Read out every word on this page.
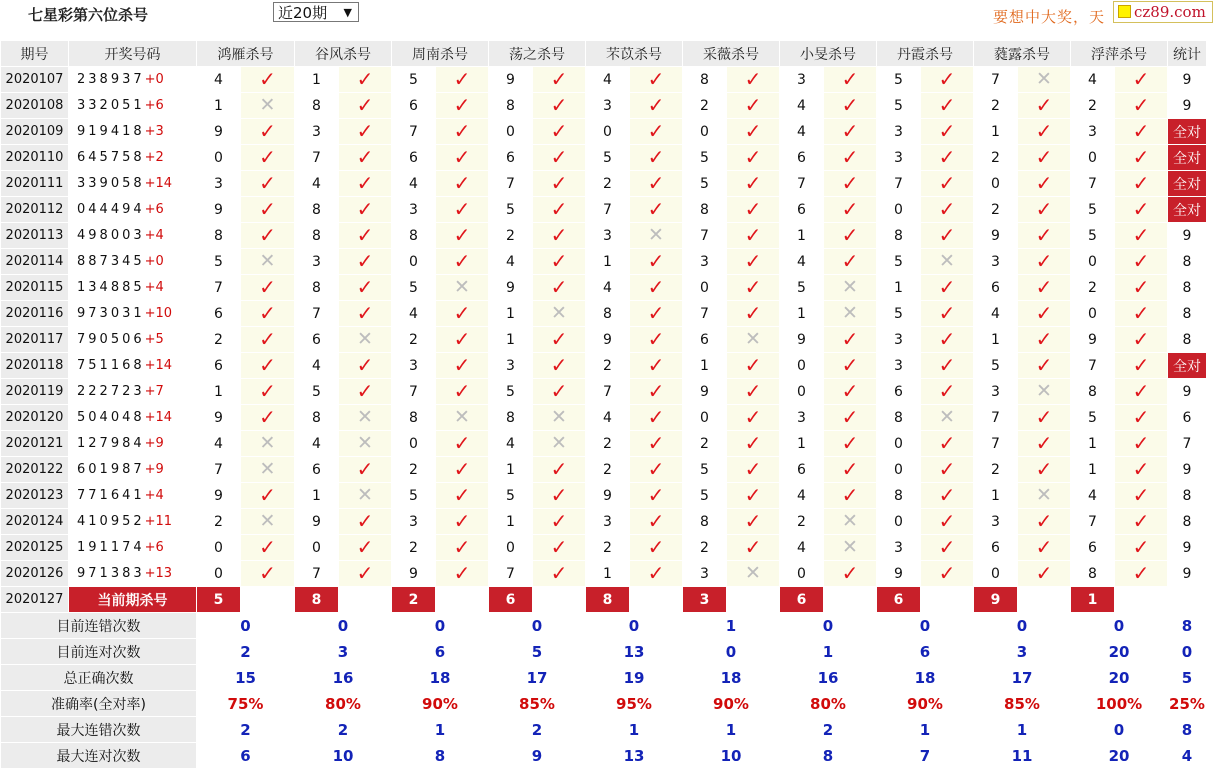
七星彩第六位杀号	近20期 ▼	要想中大奖，天	cz89.com
期号	开奖号码	鸿雁杀号		谷风杀号		周南杀号		荡之杀号		芣苡杀号		采薇杀号		小旻杀号		丹霞杀号		蕤露杀号		浮萍杀号		统计
2020107	238937+0	4	✓	1	✓	5	✓	9	✓	4	✓	8	✓	3	✓	5	✓	7	✕	4	✓	9
2020108	332051+6	1	✕	8	✓	6	✓	8	✓	3	✓	2	✓	4	✓	5	✓	2	✓	2	✓	9
2020109	919418+3	9	✓	3	✓	7	✓	0	✓	0	✓	0	✓	4	✓	3	✓	1	✓	3	✓	全对
2020110	645758+2	0	✓	7	✓	6	✓	6	✓	5	✓	5	✓	6	✓	3	✓	2	✓	0	✓	全对
2020111	339058+14	3	✓	4	✓	4	✓	7	✓	2	✓	5	✓	7	✓	7	✓	0	✓	7	✓	全对
2020112	044494+6	9	✓	8	✓	3	✓	5	✓	7	✓	8	✓	6	✓	0	✓	2	✓	5	✓	全对
2020113	498003+4	8	✓	8	✓	8	✓	2	✓	3	✕	7	✓	1	✓	8	✓	9	✓	5	✓	9
2020114	887345+0	5	✕	3	✓	0	✓	4	✓	1	✓	3	✓	4	✓	5	✕	3	✓	0	✓	8
2020115	134885+4	7	✓	8	✓	5	✕	9	✓	4	✓	0	✓	5	✕	1	✓	6	✓	2	✓	8
2020116	973031+10	6	✓	7	✓	4	✓	1	✕	8	✓	7	✓	1	✕	5	✓	4	✓	0	✓	8
2020117	790506+5	2	✓	6	✕	2	✓	1	✓	9	✓	6	✕	9	✓	3	✓	1	✓	9	✓	8
2020118	751168+14	6	✓	4	✓	3	✓	3	✓	2	✓	1	✓	0	✓	3	✓	5	✓	7	✓	全对
2020119	222723+7	1	✓	5	✓	7	✓	5	✓	7	✓	9	✓	0	✓	6	✓	3	✕	8	✓	9
2020120	504048+14	9	✓	8	✕	8	✕	8	✕	4	✓	0	✓	3	✓	8	✕	7	✓	5	✓	6
2020121	127984+9	4	✕	4	✕	0	✓	4	✕	2	✓	2	✓	1	✓	0	✓	7	✓	1	✓	7
2020122	601987+9	7	✕	6	✓	2	✓	1	✓	2	✓	5	✓	6	✓	0	✓	2	✓	1	✓	9
2020123	771641+4	9	✓	1	✕	5	✓	5	✓	9	✓	5	✓	4	✓	8	✓	1	✕	4	✓	8
2020124	410952+11	2	✕	9	✓	3	✓	1	✓	3	✓	8	✓	2	✕	0	✓	3	✓	7	✓	8
2020125	191174+6	0	✓	0	✓	2	✓	0	✓	2	✓	2	✓	4	✕	3	✓	6	✓	6	✓	9
2020126	971383+13	0	✓	7	✓	9	✓	7	✓	1	✓	3	✕	0	✓	9	✓	0	✓	8	✓	9
2020127	当前期杀号	5		8		2		6		8		3		6		6		9		1		
目前连错次数		0		0		0		0		0		1		0		0		0		0		8
目前连对次数		2		3		6		5		13		0		1		6		3		20		0
总正确次数		15		16		18		17		19		18		16		18		17		20		5
准确率(全对率)		75%		80%		90%		85%		95%		90%		80%		90%		85%		100%		25%
最大连错次数		2		2		1		2		1		1		2		1		1		0		8
最大连对次数		6		10		8		9		13		10		8		7		11		20		4
